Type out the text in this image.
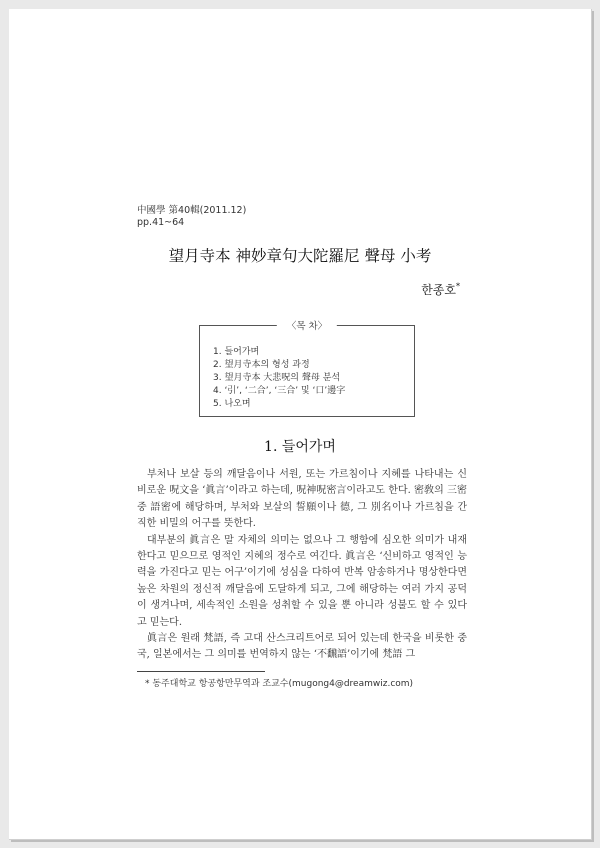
中國學 第40輯(2011.12)
pp.41~64
望月寺本 神妙章句大陀羅尼 聲母 小考
한종호*
〈목 차〉
1. 들어가며
2. 望月寺本의 형성 과정
3. 望月寺本 大悲呪의 聲母 분석
4. ‘引’, ‘二合’, ‘三合’ 및 ‘口’邊字
5. 나오며
1. 들어가며

부처나 보살 등의 깨달음이나 서원, 또는 가르침이나 지혜를 나타내는 신비로운 呪文을 ‘眞言’이라고 하는데, 呪神呪密言이라고도 한다. 密敎의 三密 중 語密에 해당하며, 부처와 보살의 誓願이나 德, 그 別名이나 가르침을 간직한 비밀의 어구를 뜻한다.

대부분의 眞言은 말 자체의 의미는 없으나 그 행함에 심오한 의미가 내재한다고 믿으므로 영적인 지혜의 정수로 여긴다. 眞言은 ‘신비하고 영적인 능력을 가진다고 믿는 어구’이기에 성심을 다하여 반복 암송하거나 명상한다면 높은 차원의 정신적 깨달음에 도달하게 되고, 그에 해당하는 여러 가지 공덕이 생겨나며, 세속적인 소원을 성취할 수 있을 뿐 아니라 성불도 할 수 있다고 믿는다.

眞言은 원래 梵語, 즉 고대 산스크리트어로 되어 있는데 한국을 비롯한 중국, 일본에서는 그 의미를 번역하지 않는 ‘不飜語’이기에 梵語 그

* 동주대학교 항공항만무역과 조교수(mugong4@dreamwiz.com)
